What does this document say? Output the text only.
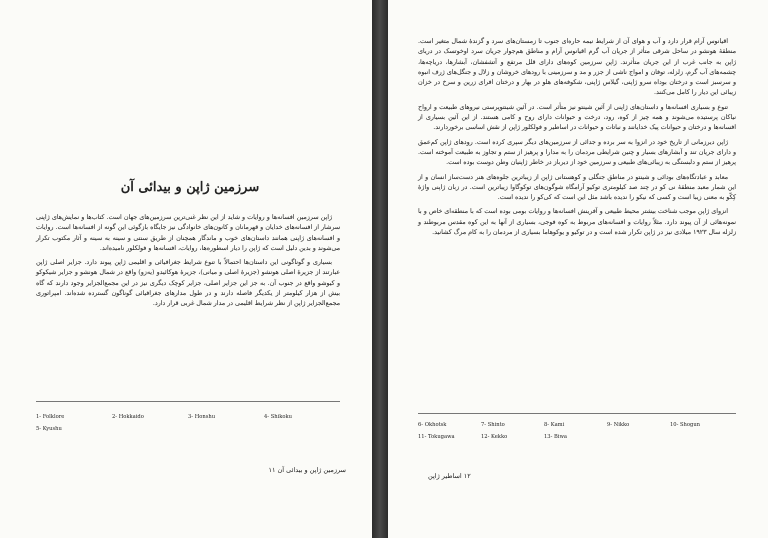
سرزمین ژاپن و بیدائی آن

ژاپن سرزمین افسانه‌ها و روایات و شاید از این نظر غنی‌ترین سرزمین‌های جهان است. کتاب‌ها و نمایش‌های ژاپنی سرشار از افسانه‌های خدایان و قهرمانان و کانون‌های خانوادگی نیز جایگاه بازگوئی این گونه از افسانه‌ها است. روایات و افسانه‌های ژاپنی همانند داستان‌های خوب و ماندگار همچنان از طریق سنتی و سینه به سینه و آثار مکتوب تکرار می‌شوند و بدین دلیل است که ژاپن را دیار اسطوره‌ها، روایات، افسانه‌ها و فولکلور نامیده‌اند.

بسیاری و گوناگونی این داستان‌ها احتمالاً با تنوع شرایط جغرافیائی و اقلیمی ژاپن پیوند دارد. جزایر اصلی ژاپن عبارتند از جزیرهٔ اصلی هونشو (جزیرهٔ اصلی و میانی)، جزیرهٔ هوکائیدو (یه‌زو) واقع در شمال هونشو و جزایر شیکوکو و کیوشو واقع در جنوب آن. به جز این جزایر اصلی، جزایر کوچک دیگری نیز در این مجمع‌الجزایر وجود دارند که گاه بیش از هزار کیلومتر از یکدیگر فاصله دارند و در طول مدار‌های جغرافیائی گوناگون گسترده شده‌اند. امپراتوری مجمع‌الجزایر ژاپن از نظر شرایط اقلیمی در مدار شمال غربی قرار دارد.

1- Folklore	2- Hokkaido	3- Honshu	4- Shikoku
5- Kyushu
سرزمین ژاپن و بیدائی آن ۱۱

اقیانوس آرام قرار دارد و آب و هوای آن از شرایط نیمه حاره‌ای جنوب تا زمستان‌های سرد و گزندهٔ شمال متغیر است. منطقهٔ هونشو در ساحل شرقی متأثر از جریان آب گرم اقیانوس آرام و مناطق هم‌جوار جریان سرد اوخوتسک در دریای ژاپن به جانب غرب از این جریان متأثرند. ژاپن سرزمین کوه‌های دارای قلل مرتفع و آتشفشان، آبشارها، دریاچه‌ها، چشمه‌های آب گرم، زلزله، توفان و امواج ناشی از جزر و مد و سرزمینی با رودهای خروشان و زلال و جنگل‌های ژرف انبوه و سرسبز است و درختان بوداه سرو ژاپنی، گیلاس ژاپنی، شکوفه‌های هلو در بهار و درختان افرای زرین و سرخ در خزان زیبائی این دیار را کامل می‌کنند.

تنوع و بسیاری افسانه‌ها و داستان‌های ژاپنی از آئین شینتو نیز متأثر است. در آئین شینتو‌پرستی نیروهای طبیعت و ارواح نیاکان پرستیده می‌شوند و همه چیز از کوه، رود، درخت و حیوانات دارای روح و کامی هستند. از این آئین بسیاری از افسانه‌ها و درختان و حیوانات پیک خدایانند و نباتات و حیوانات در اساطیر و فولکلور ژاپن از نقش اساسی برخوردارند.

ژاپن دیرزمانی از تاریخ خود در انزوا به سر برده و جدائی از سرزمین‌های دیگر سپری کرده است. رودهای ژاپن کم‌عمق و دارای جریان تند و آبشارهای بسیار و چنین شرایطی مردمان را به مدارا و پرهیز از ستم و تجاوز به طبیعت آموخته است. پرهیز از ستم و دلبستگی به زیبائی‌های طبیعی و سرزمین خود از دیرباز در خاطر ژاپنیان وطن دوست بوده است.

معابد و عبادتگاه‌های بودائی و شینتو در مناطق جنگلی و کوهستانی ژاپن از زیباترین جلوه‌های هنر دست‌ساز انسان و از این شمار معبد منطقهٔ نی کو در چند صد کیلومتری توکیو آرامگاه شوگون‌های توکوگاوا زیباترین است. در زبان ژاپنی واژهٔ کِکّو به معنی زیبا است و کسی که نیکو را ندیده باشد مثل این است که کی‌کو را ندیده است.

انزوای ژاپن موجب شناخت بیشتر محیط طبیعی و آفرینش افسانه‌ها و روایات بومی بوده است که با منطقه‌ای خاص و با نمونه‌هائی از آن پیوند دارد. مثلاً روایات و افسانه‌های مربوط به کوه فوجی، بسیاری از آنها به این کوه مقدس مربوطند و زلزله سال ۱۹۲۳ میلادی نیز در ژاپن تکرار شده است و در توکیو و یوکوهاما بسیاری از مردمان را به کام مرگ کشانید.

6- Okhotsk	7- Shinto	8- Kami	9- Nikko	10- Shogun
11- Tokugawa	12- Kekko	13- Biwa
۱۲ اساطیر ژاپن
